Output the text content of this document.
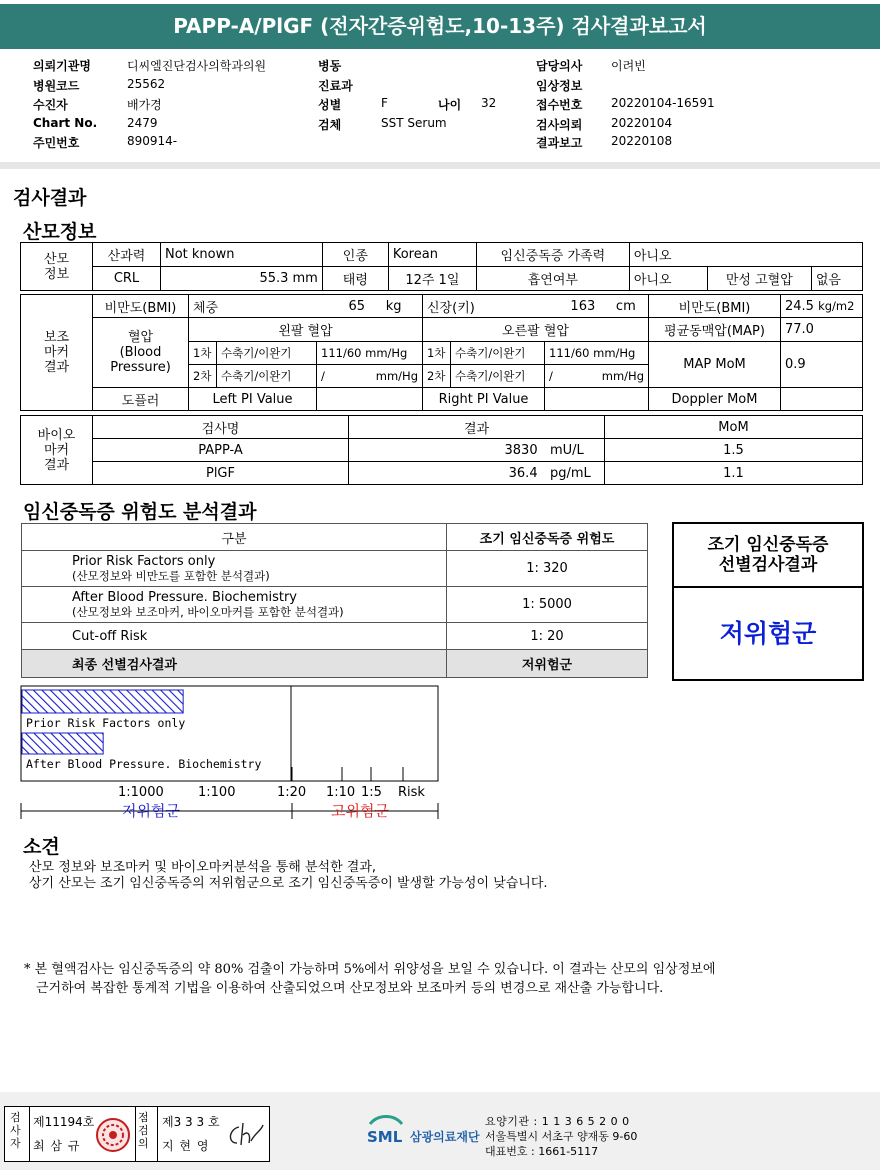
PAPP-A/PlGF (전자간증위험도,10-13주) 검사결과보고서
의뢰기관명	디씨엘진단검사의학과의원
병원코드	25562
수진자	배가경
Chart No. 2479
주민번호	890914-
병동
진료과
성별	F	나이 32
검체	SST Serum
담당의사 이려빈
임상정보
접수번호 20220104-16591
검사의뢰 20220104
결과보고 20220108
검사결과
산모정보
산모
정보	산과력	Not known	인종	Korean	임신중독증 가족력	아니오		
	CRL	55.3 mm	태령	12주 1일	흡연여부	아니오	만성 고혈압	없음
보조
마커
결과	비만도(BMI)	체중		65 kg	신장(키)		163 cm	비만도(BMI)	24.5 kg/m2
	혈압
(Blood
Pressure)	왼팔 혈압			오른팔 혈압			평균동맥압(MAP)	77.0
		1차	수축기/이완기	111/60 mm/Hg	1차	수축기/이완기	111/60 mm/Hg	MAP MoM	0.9
		2차	수축기/이완기	/ mm/Hg	2차	수축기/이완기	/ mm/Hg		

	도플러	Left PI Value			Right PI Value			Doppler MoM	
바이오
마커
결과	검사명	결과	MoM
	PAPP-A	3830 mU/L	1.5
	PlGF	36.4 pg/mL	1.1
임신중독증 위험도 분석결과
구분	조기 임신중독증 위험도

Prior Risk Factors only
(산모정보와 비만도를 포함한 분석결과)	1: 320

After Blood Pressure. Biochemistry
(산모정보와 보조마커, 바이오마커를 포함한 분석결과)	1: 5000
Cut-off Risk	1: 20
최종 선별검사결과	저위험군
조기 임신중독증
선별검사결과
저위험군
Prior Risk Factors only
After Blood Pressure. Biochemistry
1:1000	1:100	1:20 1:10 1:5 Risk
저위험군	고위험군
소견
산모 정보와 보조마커 및 바이오마커분석을 통해 분석한 결과,
상기 산모는 조기 임신중독증의 저위험군으로 조기 임신중독증이 발생할 가능성이 낮습니다.
* 본 혈액검사는 임신중독증의 약 80% 검출이 가능하며 5%에서 위양성을 보일 수 있습니다. 이 결과는 산모의 임상정보에
근거하여 복잡한 통계적 기법을 이용하여 산출되었으며 산모정보와 보조마커 등의 변경으로 재산출 가능합니다.
검사자
제11194호
최 삼 규
점검의
제3 3 3 호
지 현 영	SML 삼광의료재단
요양기관 : 1 1 3 6 5 2 0 0
서울특별시 서초구 양재동 9-60
대표번호 : 1661-5117
